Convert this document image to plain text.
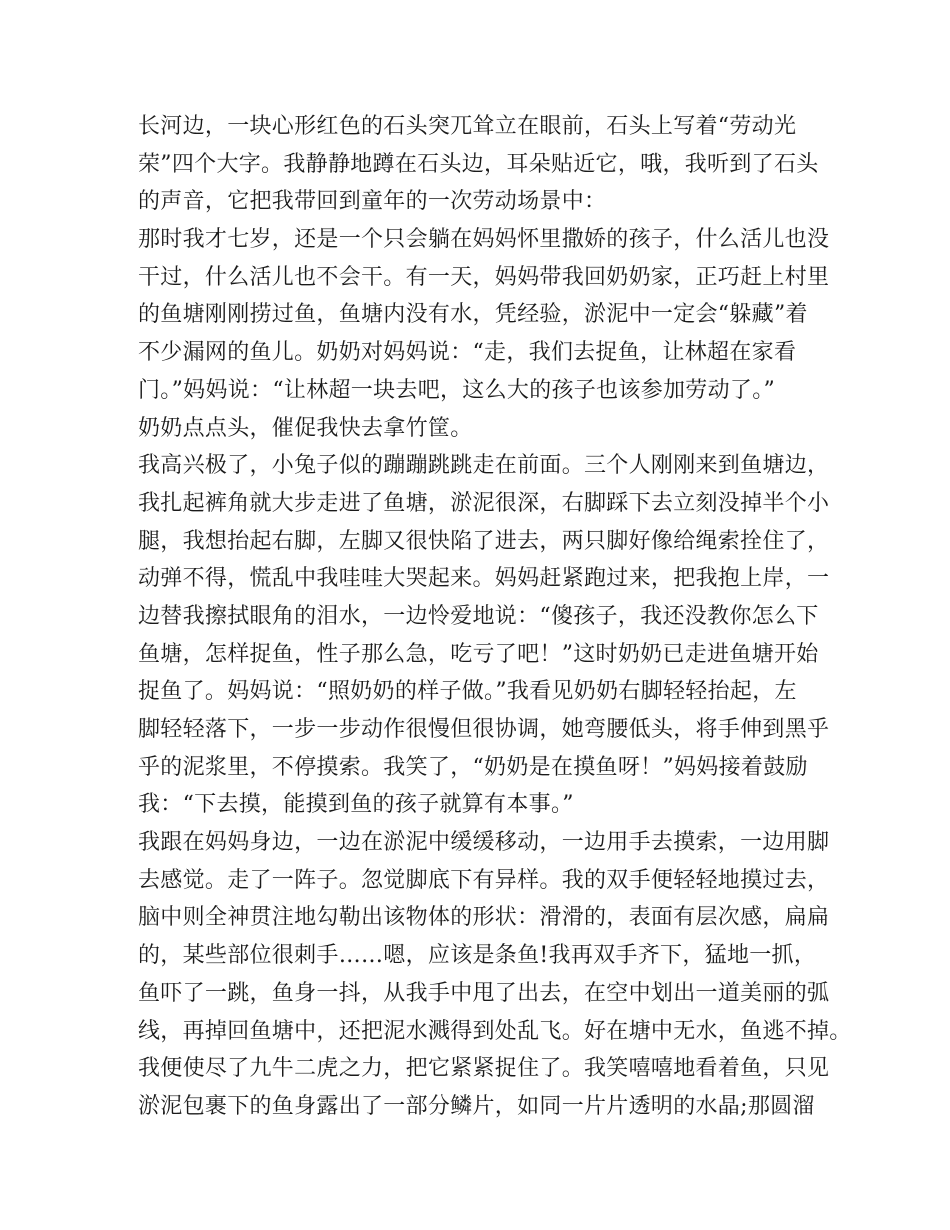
长河边，一块心形红色的石头突兀耸立在眼前，石头上写着“劳动光
荣”四个大字。我静静地蹲在石头边，耳朵贴近它，哦，我听到了石头
的声音，它把我带回到童年的一次劳动场景中：
那时我才七岁，还是一个只会躺在妈妈怀里撒娇的孩子，什么活儿也没
干过，什么活儿也不会干。有一天，妈妈带我回奶奶家，正巧赶上村里
的鱼塘刚刚捞过鱼，鱼塘内没有水，凭经验，淤泥中一定会“躲藏”着
不少漏网的鱼儿。奶奶对妈妈说：“走，我们去捉鱼，让林超在家看
门。”妈妈说：“让林超一块去吧，这么大的孩子也该参加劳动了。”
奶奶点点头，催促我快去拿竹筐。
我高兴极了，小兔子似的蹦蹦跳跳走在前面。三个人刚刚来到鱼塘边，
我扎起裤角就大步走进了鱼塘，淤泥很深，右脚踩下去立刻没掉半个小
腿，我想抬起右脚，左脚又很快陷了进去，两只脚好像给绳索拴住了，
动弹不得，慌乱中我哇哇大哭起来。妈妈赶紧跑过来，把我抱上岸，一
边替我擦拭眼角的泪水，一边怜爱地说：“傻孩子，我还没教你怎么下
鱼塘，怎样捉鱼，性子那么急，吃亏了吧！”这时奶奶已走进鱼塘开始
捉鱼了。妈妈说：“照奶奶的样子做。”我看见奶奶右脚轻轻抬起，左
脚轻轻落下，一步一步动作很慢但很协调，她弯腰低头，将手伸到黑乎
乎的泥浆里，不停摸索。我笑了，“奶奶是在摸鱼呀！”妈妈接着鼓励
我：“下去摸，能摸到鱼的孩子就算有本事。”
我跟在妈妈身边，一边在淤泥中缓缓移动，一边用手去摸索，一边用脚
去感觉。走了一阵子。忽觉脚底下有异样。我的双手便轻轻地摸过去，
脑中则全神贯注地勾勒出该物体的形状：滑滑的，表面有层次感，扁扁
的，某些部位很刺手……嗯，应该是条鱼!我再双手齐下，猛地一抓，
鱼吓了一跳，鱼身一抖，从我手中甩了出去，在空中划出一道美丽的弧
线，再掉回鱼塘中，还把泥水溅得到处乱飞。好在塘中无水，鱼逃不掉。
我便使尽了九牛二虎之力，把它紧紧捉住了。我笑嘻嘻地看着鱼，只见
淤泥包裹下的鱼身露出了一部分鳞片，如同一片片透明的水晶;那圆溜
